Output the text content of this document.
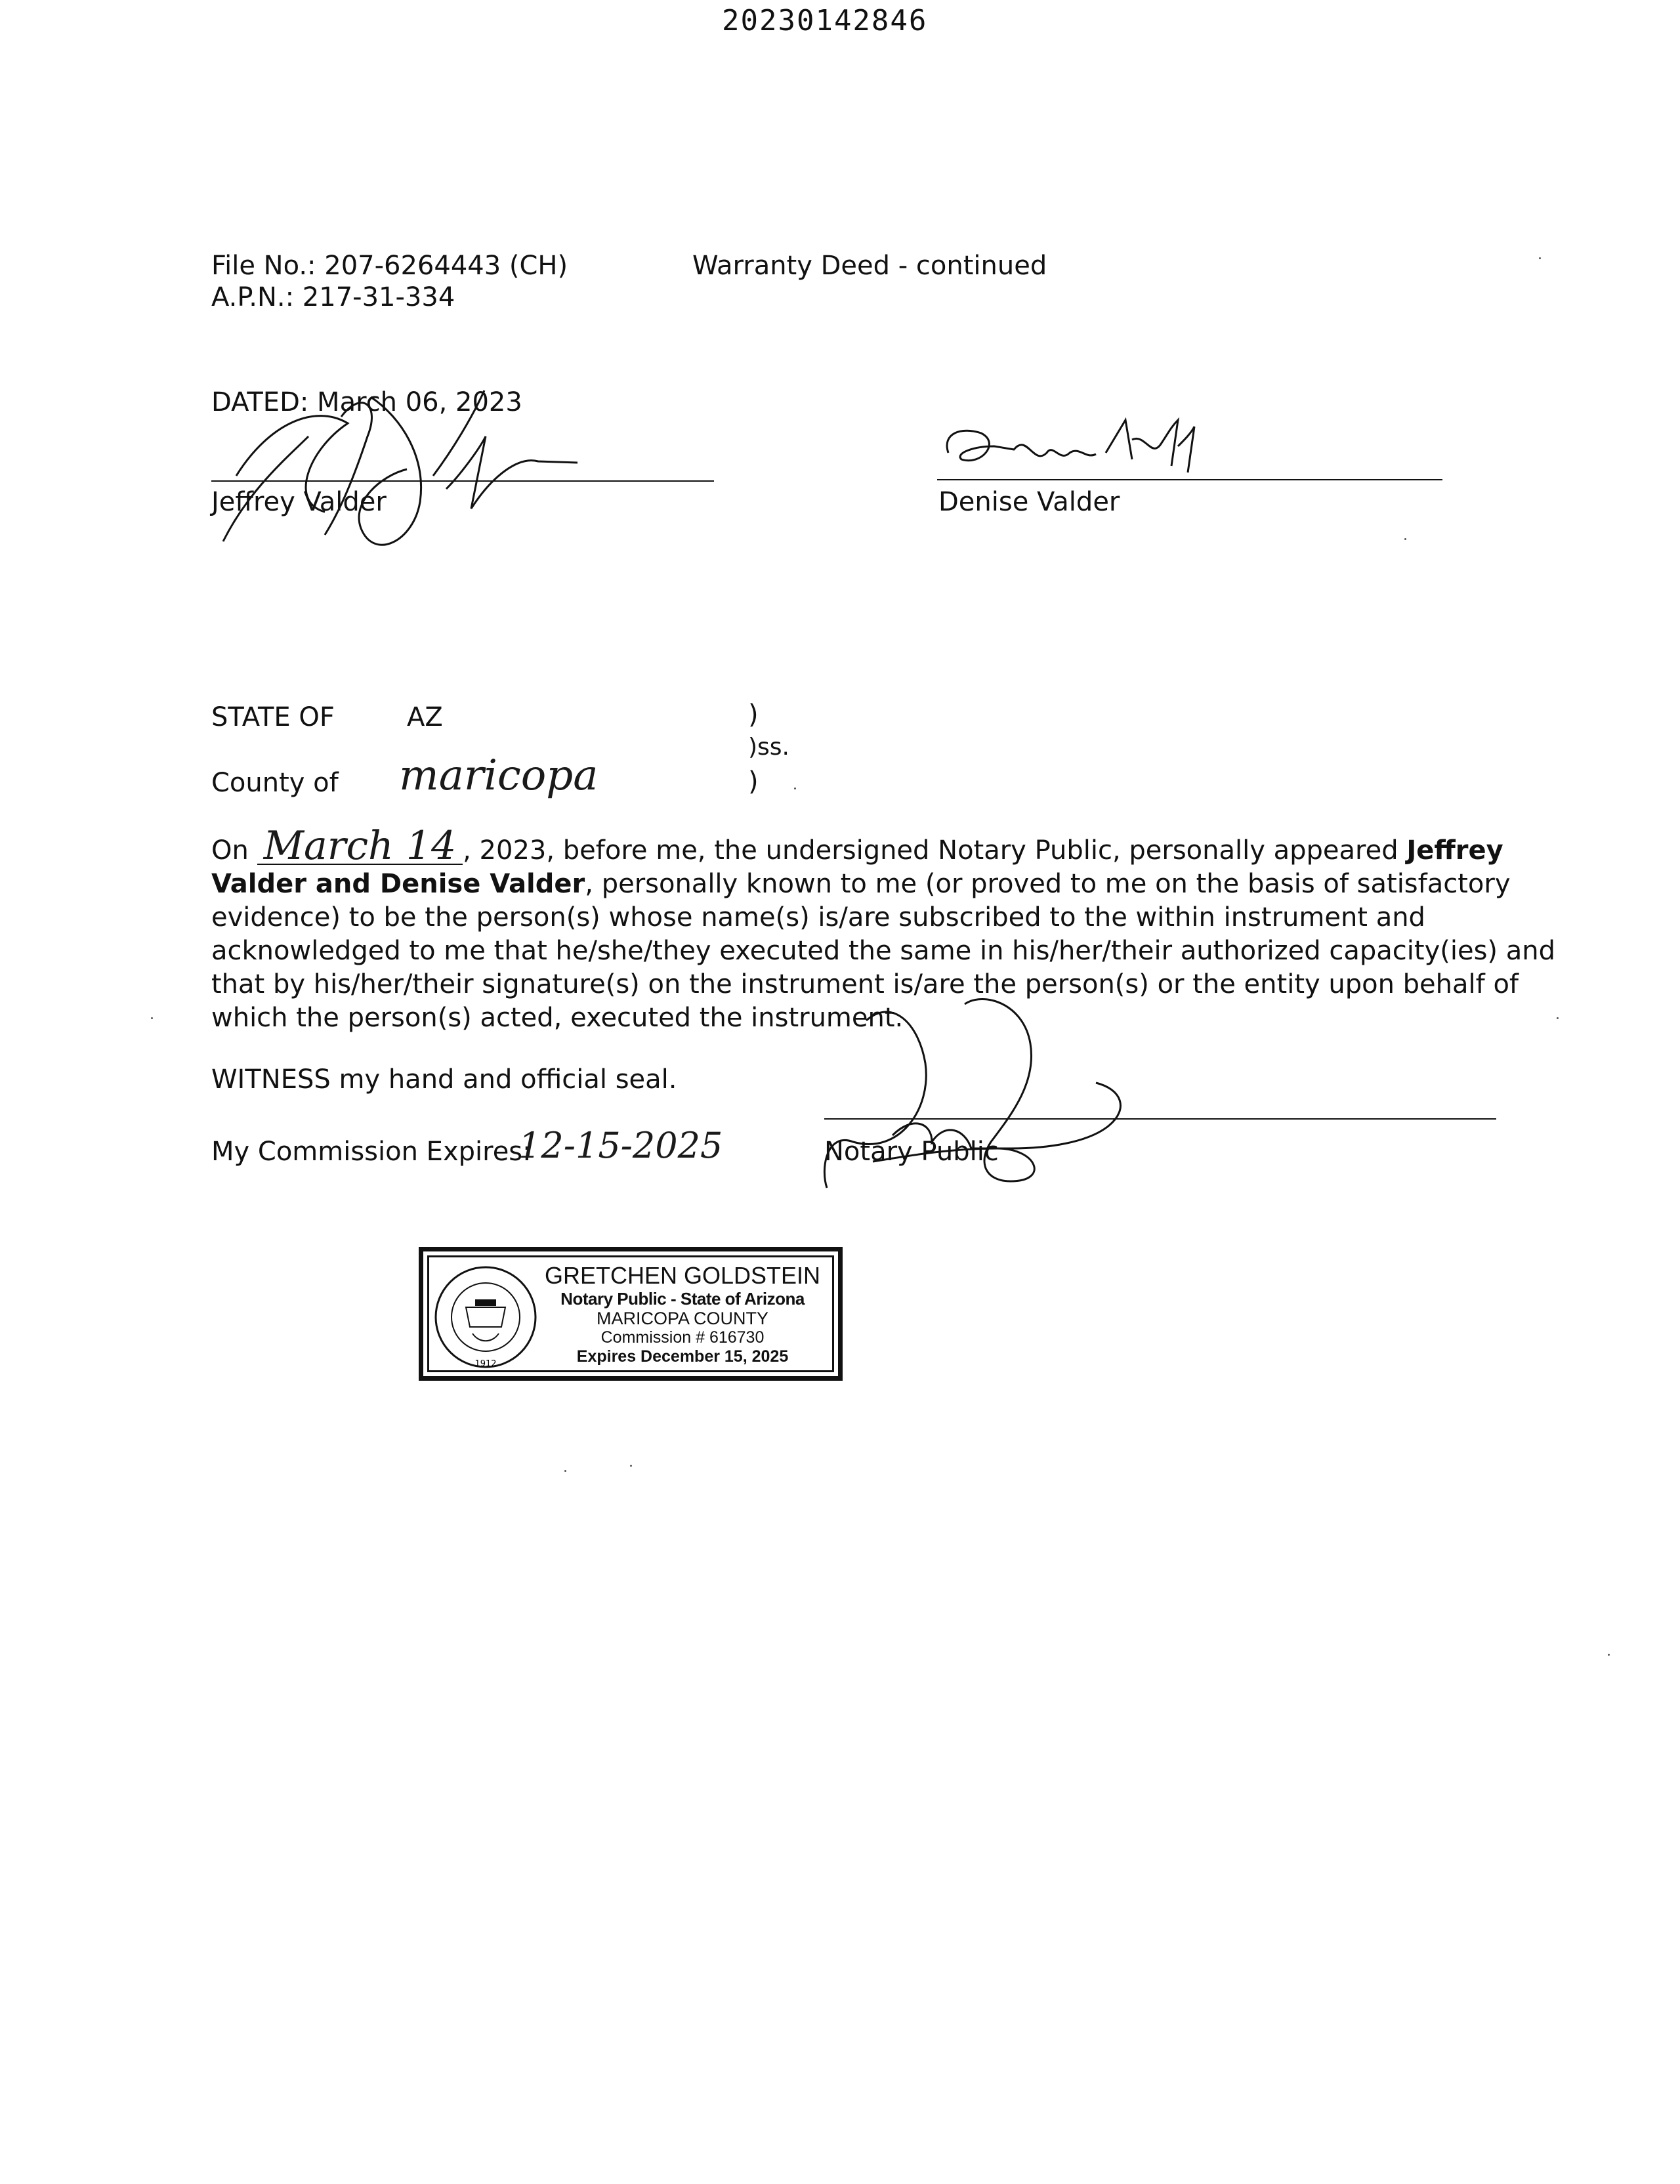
20230142846
File No.: 207-6264443 (CH)
A.P.N.: 217-31-334
Warranty Deed - continued
DATED: March 06, 2023
Jeffrey Valder	Denise Valder
STATE OF	AZ
County of maricopa
)
)ss.
)

On March 14 , 2023, before me, the undersigned Notary Public, personally appeared Jeffrey

Valder and Denise Valder, personally known to me (or proved to me on the basis of satisfactory

evidence) to be the person(s) whose name(s) is/are subscribed to the within instrument and

acknowledged to me that he/she/they executed the same in his/her/their authorized capacity(ies) and

that by his/her/their signature(s) on the instrument is/are the person(s) or the entity upon behalf of

which the person(s) acted, executed the instrument.

WITNESS my hand and official seal.
My Commission Expires:
12-15-2025	Notary Public
1912
GRETCHEN GOLDSTEIN
Notary Public - State of Arizona
MARICOPA COUNTY
Commission # 616730
Expires December 15, 2025
